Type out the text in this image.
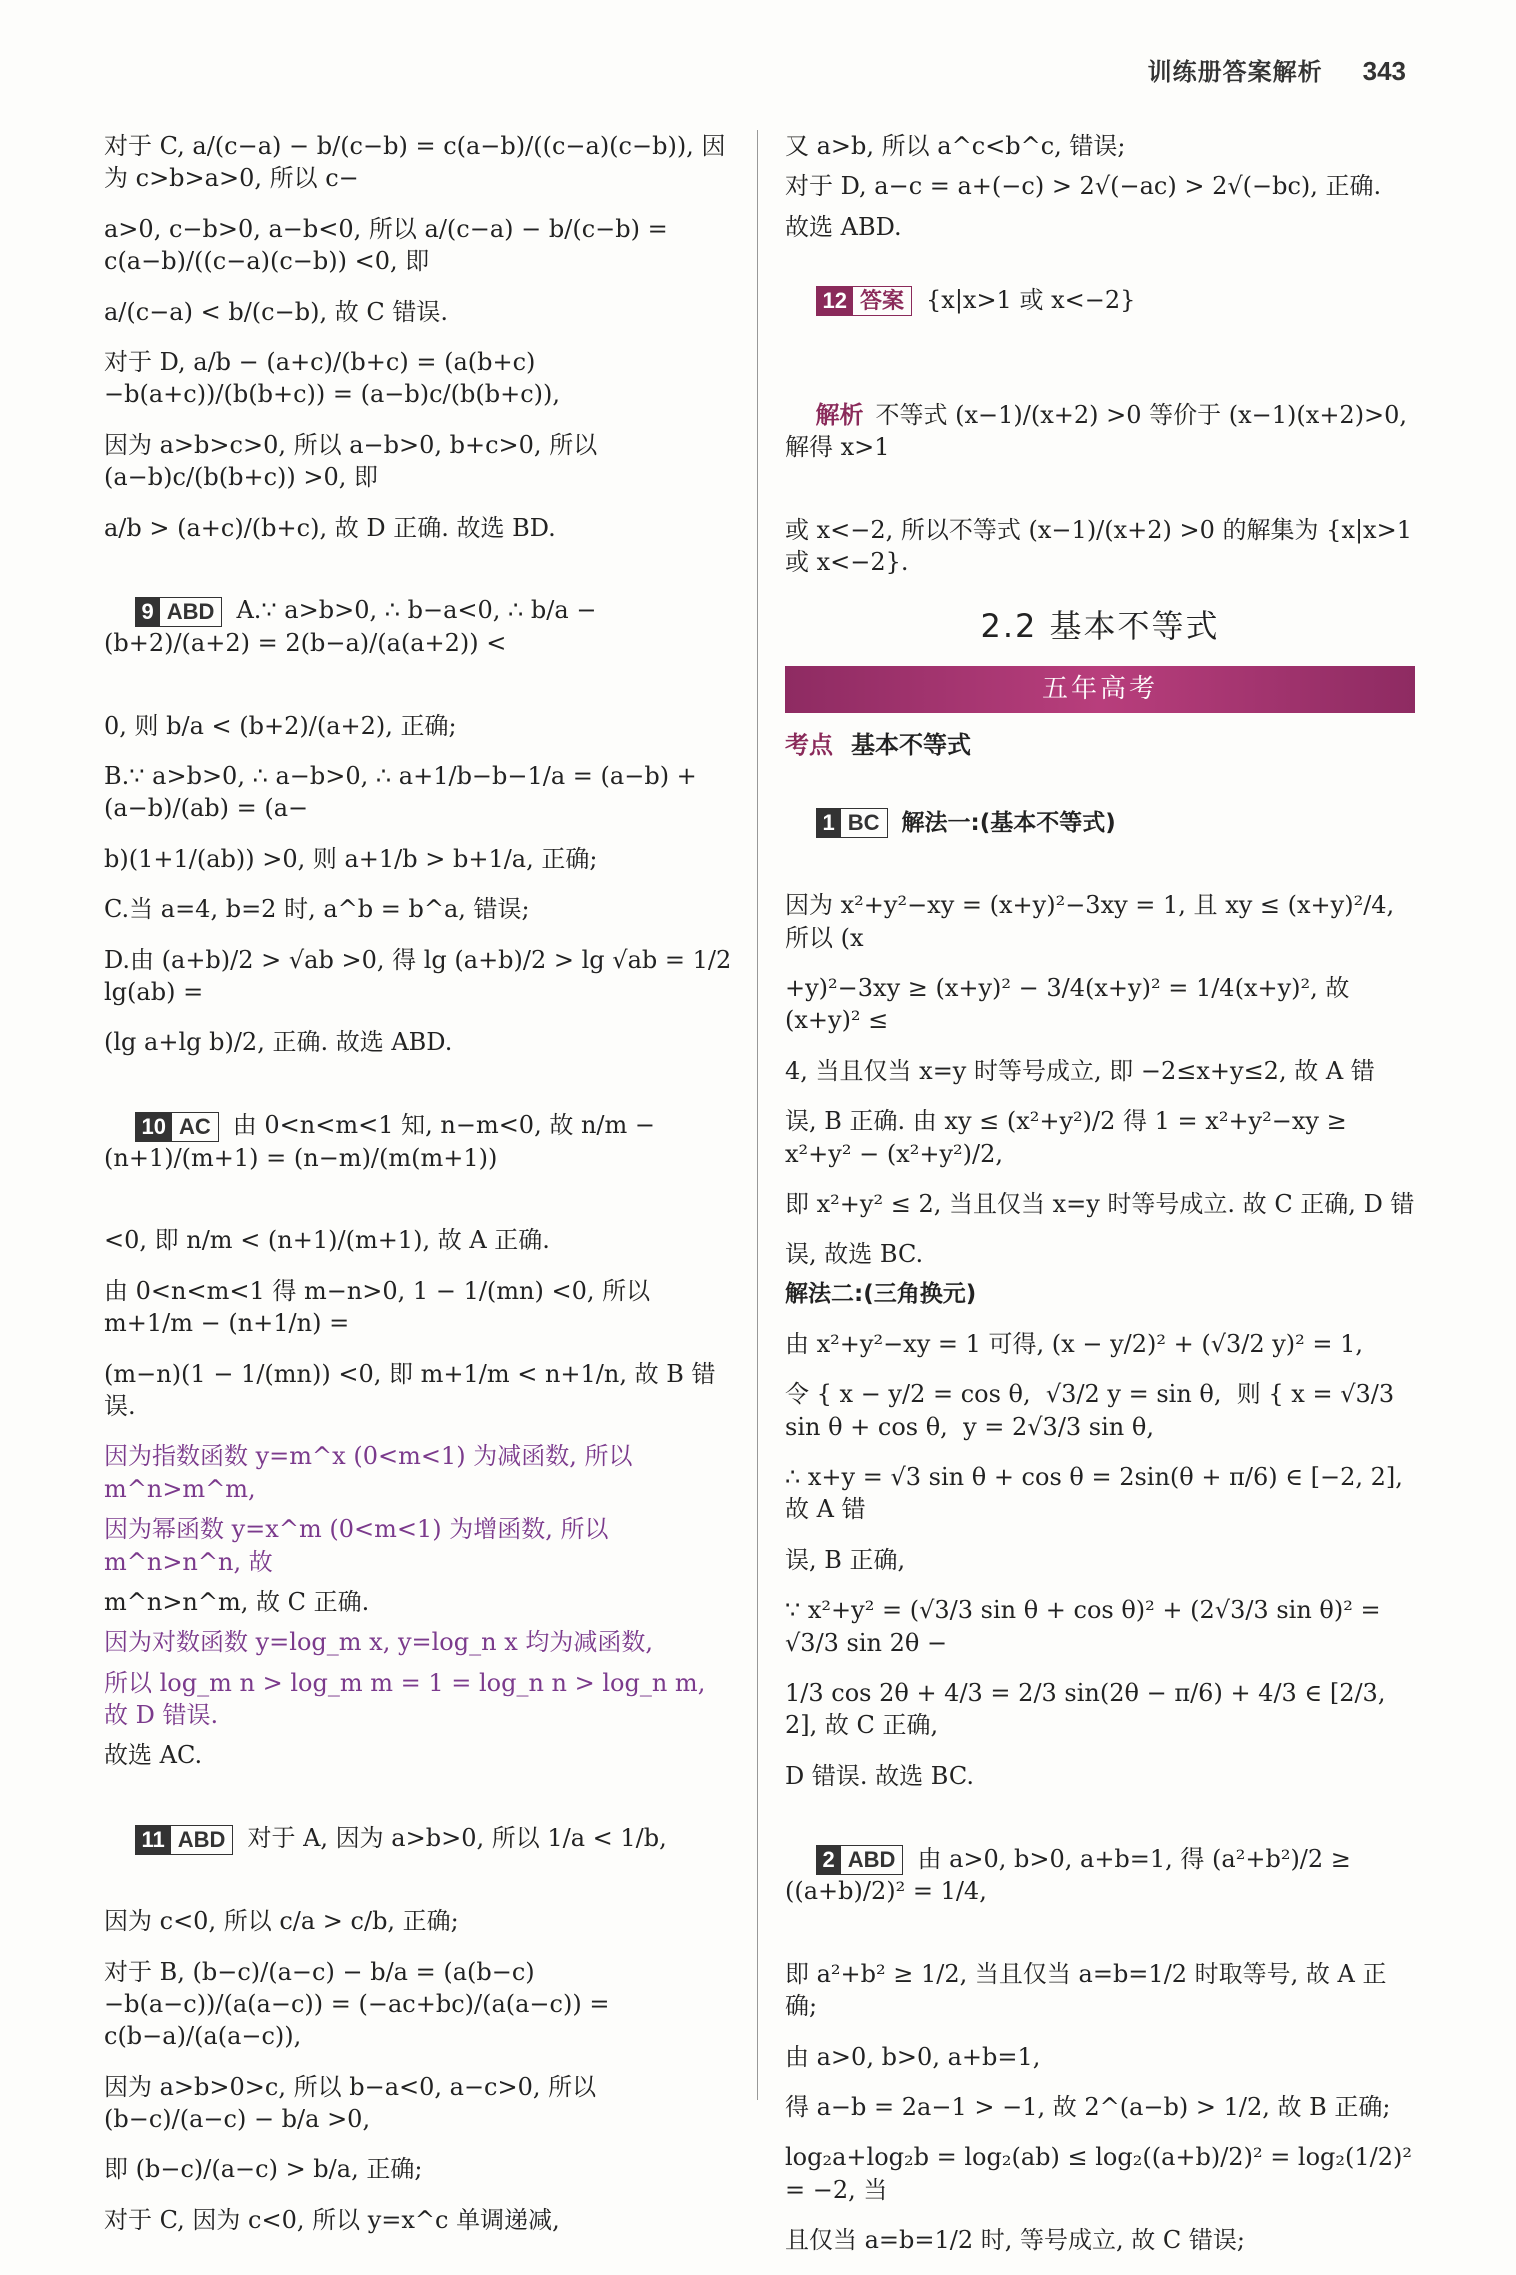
训练册答案解析 343

对于 C, a/(c−a) − b/(c−b) = c(a−b)/((c−a)(c−b)), 因为 c>b>a>0, 所以 c−

a>0, c−b>0, a−b<0, 所以 a/(c−a) − b/(c−b) = c(a−b)/((c−a)(c−b)) <0, 即

a/(c−a) < b/(c−b), 故 C 错误.

对于 D, a/b − (a+c)/(b+c) = (a(b+c)−b(a+c))/(b(b+c)) = (a−b)c/(b(b+c)),

因为 a>b>c>0, 所以 a−b>0, b+c>0, 所以 (a−b)c/(b(b+c)) >0, 即

a/b > (a+c)/(b+c), 故 D 正确. 故选 BD.

9 ABD A.∵ a>b>0, ∴ b−a<0, ∴ b/a − (b+2)/(a+2) = 2(b−a)/(a(a+2)) <

0, 则 b/a < (b+2)/(a+2), 正确;

B.∵ a>b>0, ∴ a−b>0, ∴ a+1/b−b−1/a = (a−b) + (a−b)/(ab) = (a−

b)(1+1/(ab)) >0, 则 a+1/b > b+1/a, 正确;

C.当 a=4, b=2 时, a^b = b^a, 错误;

D.由 (a+b)/2 > √ab >0, 得 lg (a+b)/2 > lg √ab = 1/2 lg(ab) =

(lg a+lg b)/2, 正确. 故选 ABD.

10 AC 由 0<n<m<1 知, n−m<0, 故 n/m − (n+1)/(m+1) = (n−m)/(m(m+1))

<0, 即 n/m < (n+1)/(m+1), 故 A 正确.

由 0<n<m<1 得 m−n>0, 1 − 1/(mn) <0, 所以 m+1/m − (n+1/n) =

(m−n)(1 − 1/(mn)) <0, 即 m+1/m < n+1/n, 故 B 错误.

因为指数函数 y=m^x (0<m<1) 为减函数, 所以 m^n>m^m,

因为幂函数 y=x^m (0<m<1) 为增函数, 所以 m^n>n^n, 故

m^n>n^m, 故 C 正确.

因为对数函数 y=log_m x, y=log_n x 均为减函数,

所以 log_m n > log_m m = 1 = log_n n > log_n m, 故 D 错误.

故选 AC.

11 ABD 对于 A, 因为 a>b>0, 所以 1/a < 1/b,

因为 c<0, 所以 c/a > c/b, 正确;

对于 B, (b−c)/(a−c) − b/a = (a(b−c)−b(a−c))/(a(a−c)) = (−ac+bc)/(a(a−c)) = c(b−a)/(a(a−c)),

因为 a>b>0>c, 所以 b−a<0, a−c>0, 所以 (b−c)/(a−c) − b/a >0,

即 (b−c)/(a−c) > b/a, 正确;

对于 C, 因为 c<0, 所以 y=x^c 单调递减,

又 a>b, 所以 a^c<b^c, 错误;

对于 D, a−c = a+(−c) > 2√(−ac) > 2√(−bc), 正确.

故选 ABD.

12 答案 {x|x>1 或 x<−2}

解析 不等式 (x−1)/(x+2) >0 等价于 (x−1)(x+2)>0, 解得 x>1

或 x<−2, 所以不等式 (x−1)/(x+2) >0 的解集为 {x|x>1 或 x<−2}.

2.2 基本不等式
五年高考
考点 基本不等式

1 BC 解法一:(基本不等式)

因为 x²+y²−xy = (x+y)²−3xy = 1, 且 xy ≤ (x+y)²/4, 所以 (x

+y)²−3xy ≥ (x+y)² − 3/4(x+y)² = 1/4(x+y)², 故 (x+y)² ≤

4, 当且仅当 x=y 时等号成立, 即 −2≤x+y≤2, 故 A 错

误, B 正确. 由 xy ≤ (x²+y²)/2 得 1 = x²+y²−xy ≥ x²+y² − (x²+y²)/2,

即 x²+y² ≤ 2, 当且仅当 x=y 时等号成立. 故 C 正确, D 错

误, 故选 BC.

解法二:(三角换元)

由 x²+y²−xy = 1 可得, (x − y/2)² + (√3/2 y)² = 1,

令 { x − y/2 = cos θ,  √3/2 y = sin θ,  则 { x = √3/3 sin θ + cos θ,  y = 2√3/3 sin θ,

∴ x+y = √3 sin θ + cos θ = 2sin(θ + π/6) ∈ [−2, 2], 故 A 错

误, B 正确,

∵ x²+y² = (√3/3 sin θ + cos θ)² + (2√3/3 sin θ)² = √3/3 sin 2θ −

1/3 cos 2θ + 4/3 = 2/3 sin(2θ − π/6) + 4/3 ∈ [2/3, 2], 故 C 正确,

D 错误. 故选 BC.

2 ABD 由 a>0, b>0, a+b=1, 得 (a²+b²)/2 ≥ ((a+b)/2)² = 1/4,

即 a²+b² ≥ 1/2, 当且仅当 a=b=1/2 时取等号, 故 A 正确;

由 a>0, b>0, a+b=1,

得 a−b = 2a−1 > −1, 故 2^(a−b) > 1/2, 故 B 正确;

log₂a+log₂b = log₂(ab) ≤ log₂((a+b)/2)² = log₂(1/2)² = −2, 当

且仅当 a=b=1/2 时, 等号成立, 故 C 错误;
